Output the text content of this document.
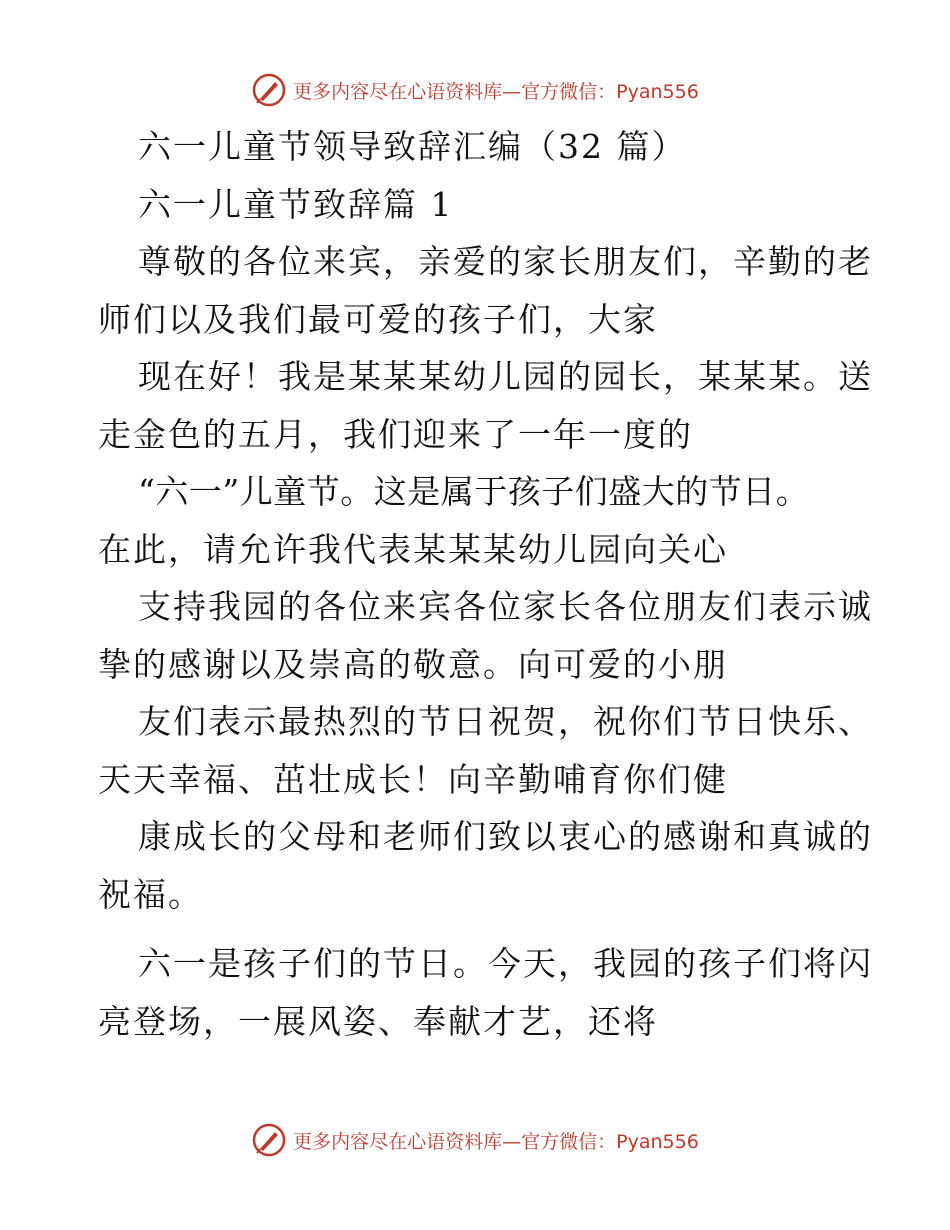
更多内容尽在心语资料库—官方微信：Pyan556
六一儿童节领导致辞汇编（32 篇）
六一儿童节致辞篇 1
尊敬的各位来宾，亲爱的家长朋友们，辛勤的老
师们以及我们最可爱的孩子们，大家
现在好！我是某某某幼儿园的园长，某某某。送
走金色的五月，我们迎来了一年一度的
“六一”儿童节。这是属于孩子们盛大的节日。
在此，请允许我代表某某某幼儿园向关心
支持我园的各位来宾各位家长各位朋友们表示诚
挚的感谢以及崇高的敬意。向可爱的小朋
友们表示最热烈的节日祝贺，祝你们节日快乐、
天天幸福、茁壮成长！向辛勤哺育你们健
康成长的父母和老师们致以衷心的感谢和真诚的
祝福。
六一是孩子们的节日。今天，我园的孩子们将闪
亮登场，一展风姿、奉献才艺，还将
更多内容尽在心语资料库—官方微信：Pyan556
